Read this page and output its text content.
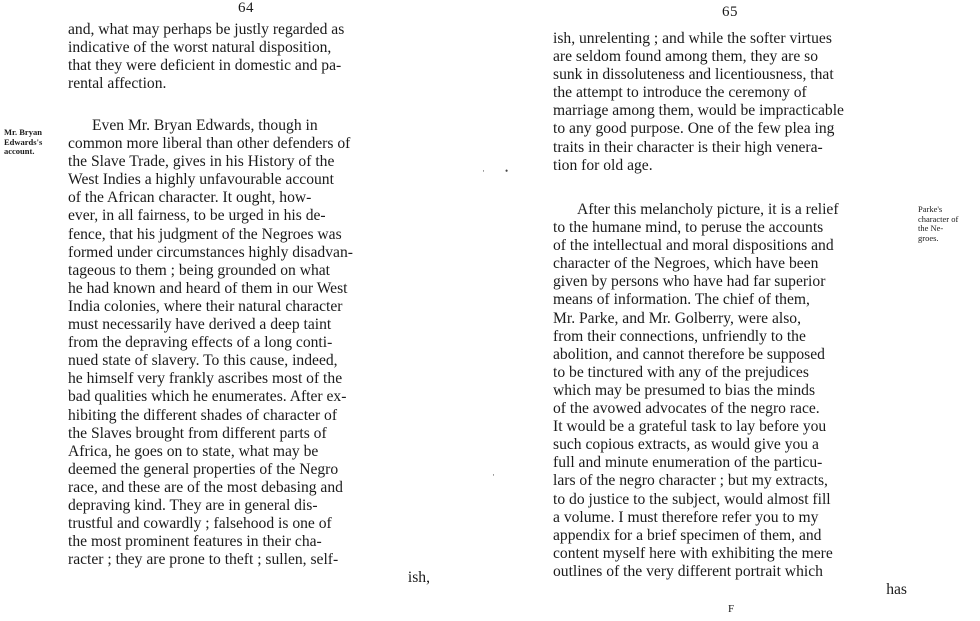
64
and, what may perhaps be justly regarded as
indicative of the worst natural disposition,
that they were deficient in domestic and pa-
rental affection.
Mr. Bryan
Edwards's
account.
Even Mr. Bryan Edwards, though in
common more liberal than other defenders of
the Slave Trade, gives in his History of the
West Indies a highly unfavourable account
of the African character. It ought, how-
ever, in all fairness, to be urged in his de-
fence, that his judgment of the Negroes was
formed under circumstances highly disadvan-
tageous to them ; being grounded on what
he had known and heard of them in our West
India colonies, where their natural character
must necessarily have derived a deep taint
from the depraving effects of a long conti-
nued state of slavery. To this cause, indeed,
he himself very frankly ascribes most of the
bad qualities which he enumerates. After ex-
hibiting the different shades of character of
the Slaves brought from different parts of
Africa, he goes on to state, what may be
deemed the general properties of the Negro
race, and these are of the most debasing and
depraving kind. They are in general dis-
trustful and cowardly ; falsehood is one of
the most prominent features in their cha-
racter ; they are prone to theft ; sullen, self-
ish,
· •
·
65
ish, unrelenting ; and while the softer virtues
are seldom found among them, they are so
sunk in dissoluteness and licentiousness, that
the attempt to introduce the ceremony of
marriage among them, would be impracticable
to any good purpose. One of the few plea ing
traits in their character is their high venera-
tion for old age.
Parke's
character of
the Ne-
groes.
After this melancholy picture, it is a relief
to the humane mind, to peruse the accounts
of the intellectual and moral dispositions and
character of the Negroes, which have been
given by persons who have had far superior
means of information. The chief of them,
Mr. Parke, and Mr. Golberry, were also,
from their connections, unfriendly to the
abolition, and cannot therefore be supposed
to be tinctured with any of the prejudices
which may be presumed to bias the minds
of the avowed advocates of the negro race.
It would be a grateful task to lay before you
such copious extracts, as would give you a
full and minute enumeration of the particu-
lars of the negro character ; but my extracts,
to do justice to the subject, would almost fill
a volume. I must therefore refer you to my
appendix for a brief specimen of them, and
content myself here with exhibiting the mere
outlines of the very different portrait which
has
F
